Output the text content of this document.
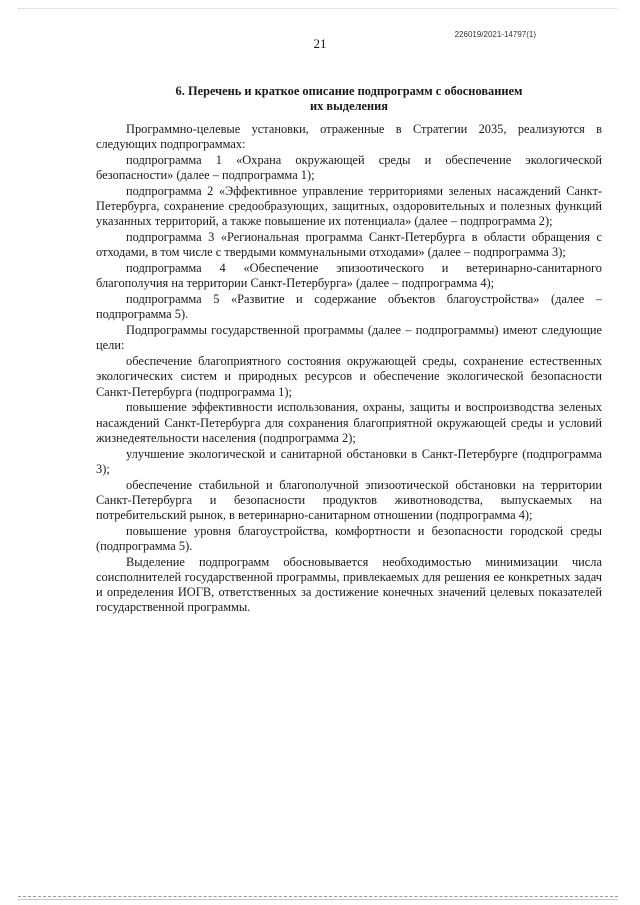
226019/2021-14797(1)
21
6. Перечень и краткое описание подпрограмм с обоснованием
их выделения

Программно-целевые установки, отраженные в Стратегии 2035, реализуются в следующих подпрограммах:

подпрограмма 1 «Охрана окружающей среды и обеспечение экологической безопасности» (далее – подпрограмма 1);

подпрограмма 2 «Эффективное управление территориями зеленых насаждений Санкт-Петербурга, сохранение средообразующих, защитных, оздоровительных и полезных функций указанных территорий, а также повышение их потенциала» (далее – подпрограмма 2);

подпрограмма 3 «Региональная программа Санкт-Петербурга в области обращения с отходами, в том числе с твердыми коммунальными отходами» (далее – подпрограмма 3);

подпрограмма 4 «Обеспечение эпизоотического и ветеринарно-санитарного благополучия на территории Санкт-Петербурга» (далее – подпрограмма 4);

подпрограмма 5 «Развитие и содержание объектов благоустройства» (далее – подпрограмма 5).

Подпрограммы государственной программы (далее – подпрограммы) имеют следующие цели:

обеспечение благоприятного состояния окружающей среды, сохранение естественных экологических систем и природных ресурсов и обеспечение экологической безопасности Санкт-Петербурга (подпрограмма 1);

повышение эффективности использования, охраны, защиты и воспроизводства зеленых насаждений Санкт-Петербурга для сохранения благоприятной окружающей среды и условий жизнедеятельности населения (подпрограмма 2);

улучшение экологической и санитарной обстановки в Санкт-Петербурге (подпрограмма 3);

обеспечение стабильной и благополучной эпизоотической обстановки на территории Санкт-Петербурга и безопасности продуктов животноводства, выпускаемых на потребительский рынок, в ветеринарно-санитарном отношении (подпрограмма 4);

повышение уровня благоустройства, комфортности и безопасности городской среды (подпрограмма 5).

Выделение подпрограмм обосновывается необходимостью минимизации числа соисполнителей государственной программы, привлекаемых для решения ее конкретных задач и определения ИОГВ, ответственных за достижение конечных значений целевых показателей государственной программы.
